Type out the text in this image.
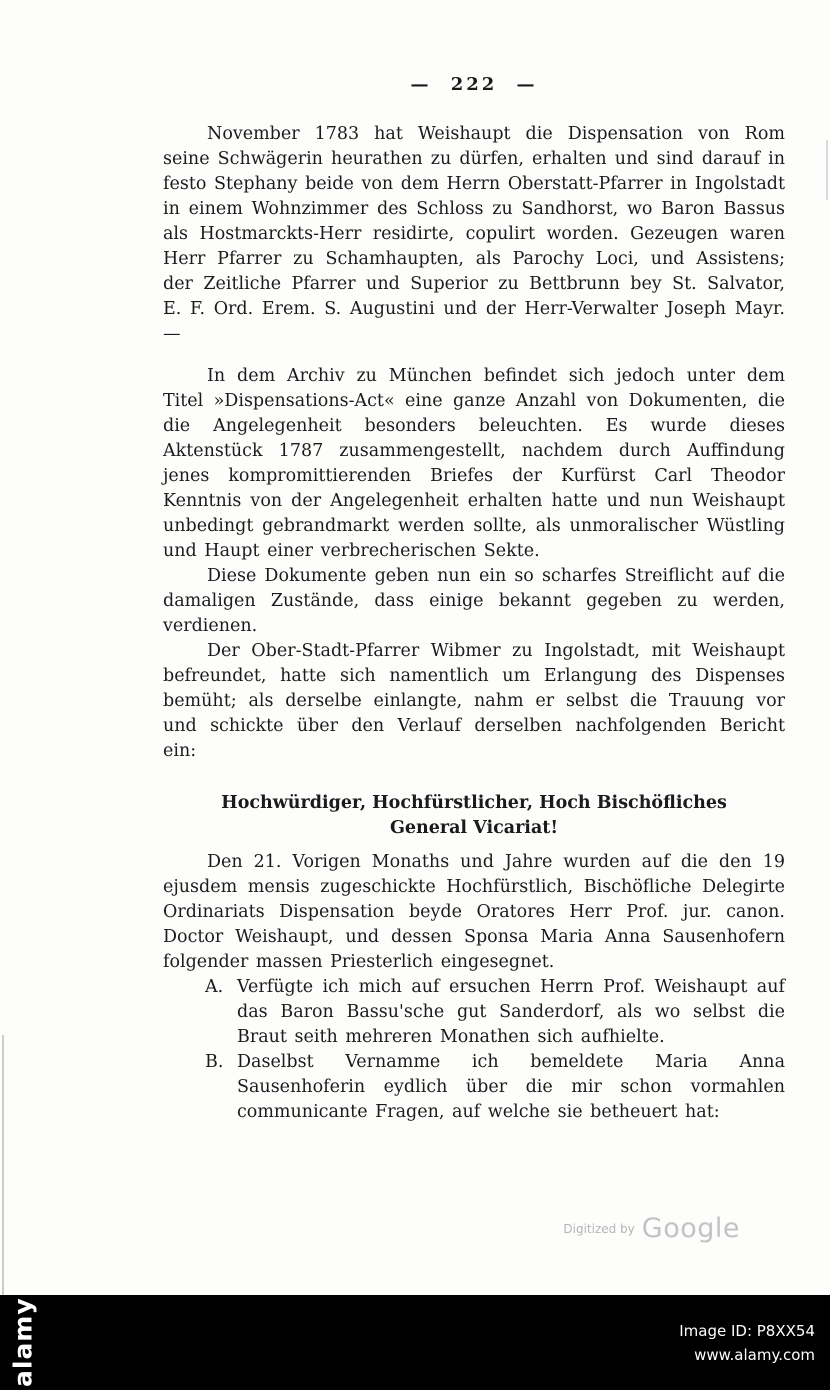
— 222 —

November 1783 hat Weishaupt die Dispensation von Rom seine Schwägerin heurathen zu dürfen, erhalten und sind darauf in festo Stephany beide von dem Herrn Oberstatt-Pfarrer in Ingolstadt in einem Wohnzimmer des Schloss zu Sandhorst, wo Baron Bassus als Hostmarckts-Herr residirte, copulirt worden. Gezeugen waren Herr Pfarrer zu Schamhaupten, als Parochy Loci, und Assistens; der Zeitliche Pfarrer und Superior zu Bettbrunn bey St. Salvator, E. F. Ord. Erem. S. Augustini und der Herr-Verwalter Joseph Mayr. —

In dem Archiv zu München befindet sich jedoch unter dem Titel »Dispensations-Act« eine ganze Anzahl von Dokumenten, die die Angelegenheit besonders beleuchten. Es wurde dieses Aktenstück 1787 zusammengestellt, nachdem durch Auffindung jenes kompromittierenden Briefes der Kurfürst Carl Theodor Kenntnis von der Angelegenheit erhalten hatte und nun Weishaupt unbedingt gebrandmarkt werden sollte, als unmoralischer Wüstling und Haupt einer verbrecherischen Sekte.

Diese Dokumente geben nun ein so scharfes Streiflicht auf die damaligen Zustände, dass einige bekannt gegeben zu werden, verdienen.

Der Ober-Stadt-Pfarrer Wibmer zu Ingolstadt, mit Weishaupt befreundet, hatte sich namentlich um Erlangung des Dispenses bemüht; als derselbe einlangte, nahm er selbst die Trauung vor und schickte über den Verlauf derselben nachfolgenden Bericht ein:

Hochwürdiger, Hochfürstlicher, Hoch Bischöfliches
General Vicariat!

Den 21. Vorigen Monaths und Jahre wurden auf die den 19 ejusdem mensis zugeschickte Hochfürstlich, Bischöfliche Delegirte Ordinariats Dispensation beyde Oratores Herr Prof. jur. canon. Doctor Weishaupt, und dessen Sponsa Maria Anna Sausenhofern folgender massen Priesterlich eingesegnet.

A. Verfügte ich mich auf ersuchen Herrn Prof. Weishaupt auf das Baron Bassu'sche gut Sanderdorf, als wo selbst die Braut seith mehreren Monathen sich aufhielte.
B. Daselbst Vernamme ich bemeldete Maria Anna Sausenhoferin eydlich über die mir schon vormahlen communicante Fragen, auf welche sie betheuert hat:
Digitized by Google
alamy	Image ID: P8XX54
www.alamy.com
